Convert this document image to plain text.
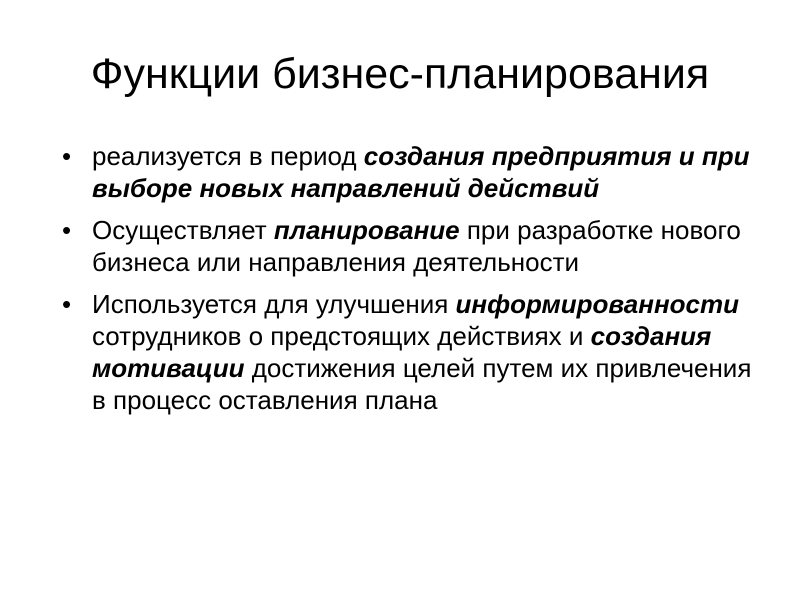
Функции бизнес-планирования
• реализуется в период создания предприятия и при выборе новых направлений действий
• Осуществляет планирование при разработке нового бизнеса или направления деятельности
• Используется для улучшения информированности сотрудников о предстоящих действиях и создания мотивации достижения целей путем их привлечения в процесс оставления плана
